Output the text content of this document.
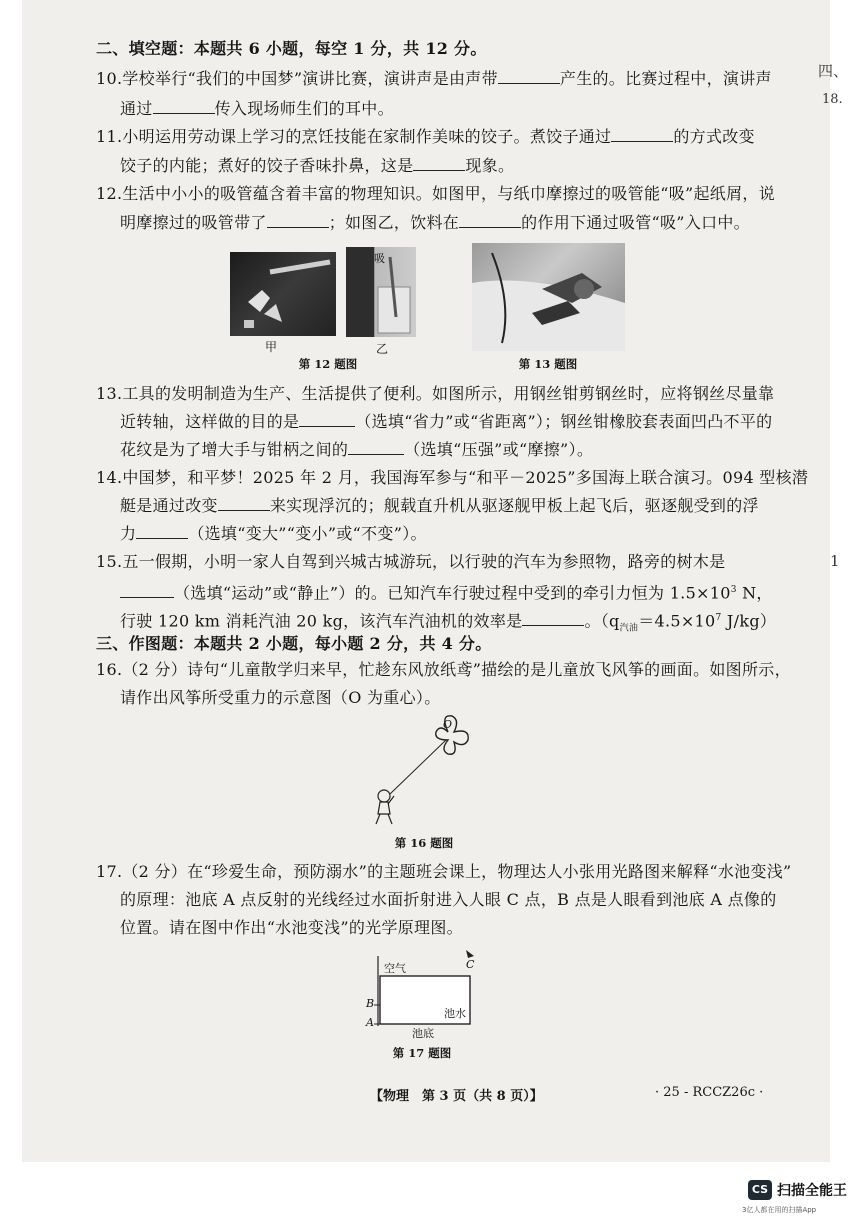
四、
18.
1
二、填空题：本题共 6 小题，每空 1 分，共 12 分。
10.学校举行“我们的中国梦”演讲比赛，演讲声是由声带	产生的。比赛过程中，演讲声
通过	传入现场师生们的耳中。
11.小明运用劳动课上学习的烹饪技能在家制作美味的饺子。煮饺子通过	的方式改变
饺子的内能；煮好的饺子香味扑鼻，这是	现象。
12.生活中小小的吸管蕴含着丰富的物理知识。如图甲，与纸巾摩擦过的吸管能“吸”起纸屑，说
明摩擦过的吸管带了	；如图乙，饮料在	的作用下通过吸管“吸”入口中。
甲
吸
乙
第 12 题图	第 13 题图
13.工具的发明制造为生产、生活提供了便利。如图所示，用钢丝钳剪钢丝时，应将钢丝尽量靠
近转轴，这样做的目的是	（选填“省力”或“省距离”）；钢丝钳橡胶套表面凹凸不平的
花纹是为了增大手与钳柄之间的	（选填“压强”或“摩擦”）。
14.中国梦，和平梦！2025 年 2 月，我国海军参与“和平－2025”多国海上联合演习。094 型核潜
艇是通过改变	来实现浮沉的；舰载直升机从驱逐舰甲板上起飞后，驱逐舰受到的浮
力	（选填“变大”“变小”或“不变”）。
15.五一假期，小明一家人自驾到兴城古城游玩，以行驶的汽车为参照物，路旁的树木是
（选填“运动”或“静止”）的。已知汽车行驶过程中受到的牵引力恒为 $1.5\times 10^3$ N，
行驶 120 km 消耗汽油 20 kg，该汽车汽油机的效率是	。（$q_{汽油}=4.5\times 10^7$ J/kg）
三、作图题：本题共 2 小题，每小题 2 分，共 4 分。
16.（2 分）诗句“儿童散学归来早，忙趁东风放纸鸢”描绘的是儿童放飞风筝的画面。如图所示，
请作出风筝所受重力的示意图（O 为重心）。
O
第 16 题图
17.（2 分）在“珍爱生命，预防溺水”的主题班会课上，物理达人小张用光路图来解释“水池变浅”
的原理：池底 A 点反射的光线经过水面折射进入人眼 C 点，B 点是人眼看到池底 A 点像的
位置。请在图中作出“水池变浅”的光学原理图。
空气	C
池水
B
A
池底
第 17 题图
【物理　第 3 页（共 8 页）】	· 25 - RCCZ26c ·
CS 扫描全能王
3亿人都在用的扫描App
